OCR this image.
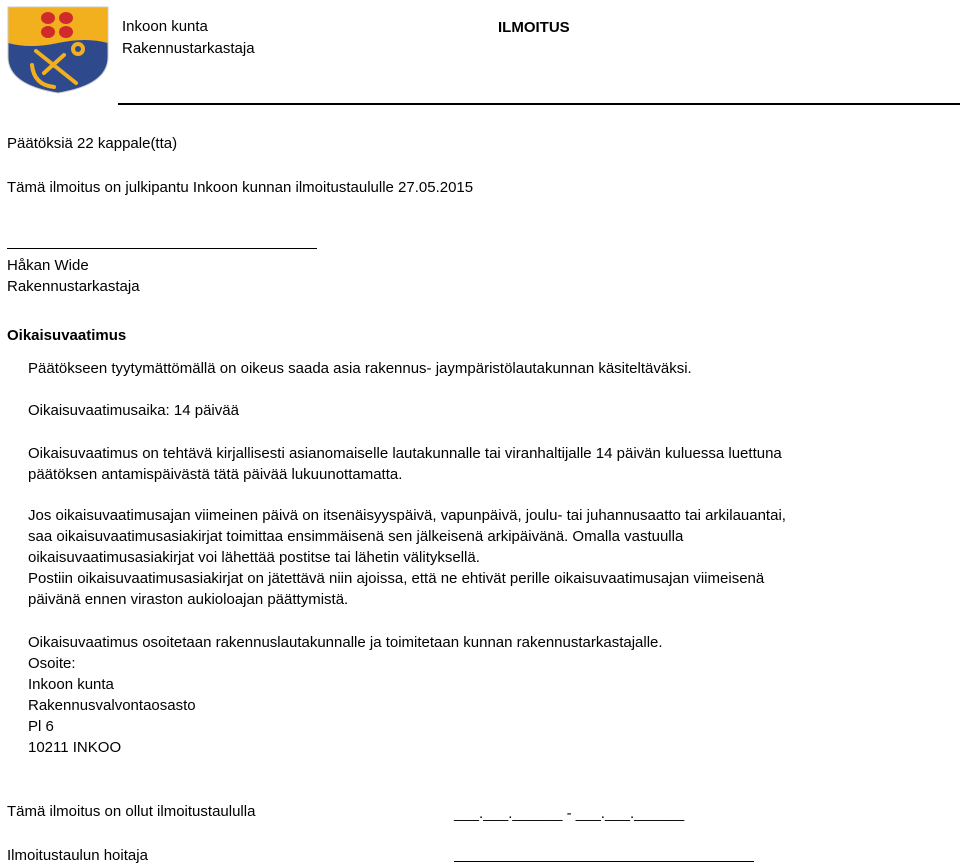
Inkoon kunta
Rakennustarkastaja
ILMOITUS
Päätöksiä 22 kappale(tta)
Tämä ilmoitus on julkipantu Inkoon kunnan ilmoitustaululle 27.05.2015
Håkan Wide
Rakennustarkastaja
Oikaisuvaatimus
Päätökseen tyytymättömällä on oikeus saada asia rakennus- jaympäristölautakunnan käsiteltäväksi.
Oikaisuvaatimusaika: 14 päivää
Oikaisuvaatimus on tehtävä kirjallisesti asianomaiselle lautakunnalle tai viranhaltijalle 14 päivän kuluessa luettuna
päätöksen antamispäivästä tätä päivää lukuunottamatta.
Jos oikaisuvaatimusajan viimeinen päivä on itsenäisyyspäivä, vapunpäivä, joulu- tai juhannusaatto tai arkilauantai,
saa oikaisuvaatimusasiakirjat toimittaa ensimmäisenä sen jälkeisenä arkipäivänä. Omalla vastuulla
oikaisuvaatimusasiakirjat voi lähettää postitse tai lähetin välityksellä.
Postiin oikaisuvaatimusasiakirjat on jätettävä niin ajoissa, että ne ehtivät perille oikaisuvaatimusajan viimeisenä
päivänä ennen viraston aukioloajan päättymistä.
Oikaisuvaatimus osoitetaan rakennuslautakunnalle ja toimitetaan kunnan rakennustarkastajalle.
Osoite:
Inkoon kunta
Rakennusvalvontaosasto
Pl 6
10211 INKOO
Tämä ilmoitus on ollut ilmoitustaululla	___.___.______ - ___.___.______
Ilmoitustaulun hoitaja
